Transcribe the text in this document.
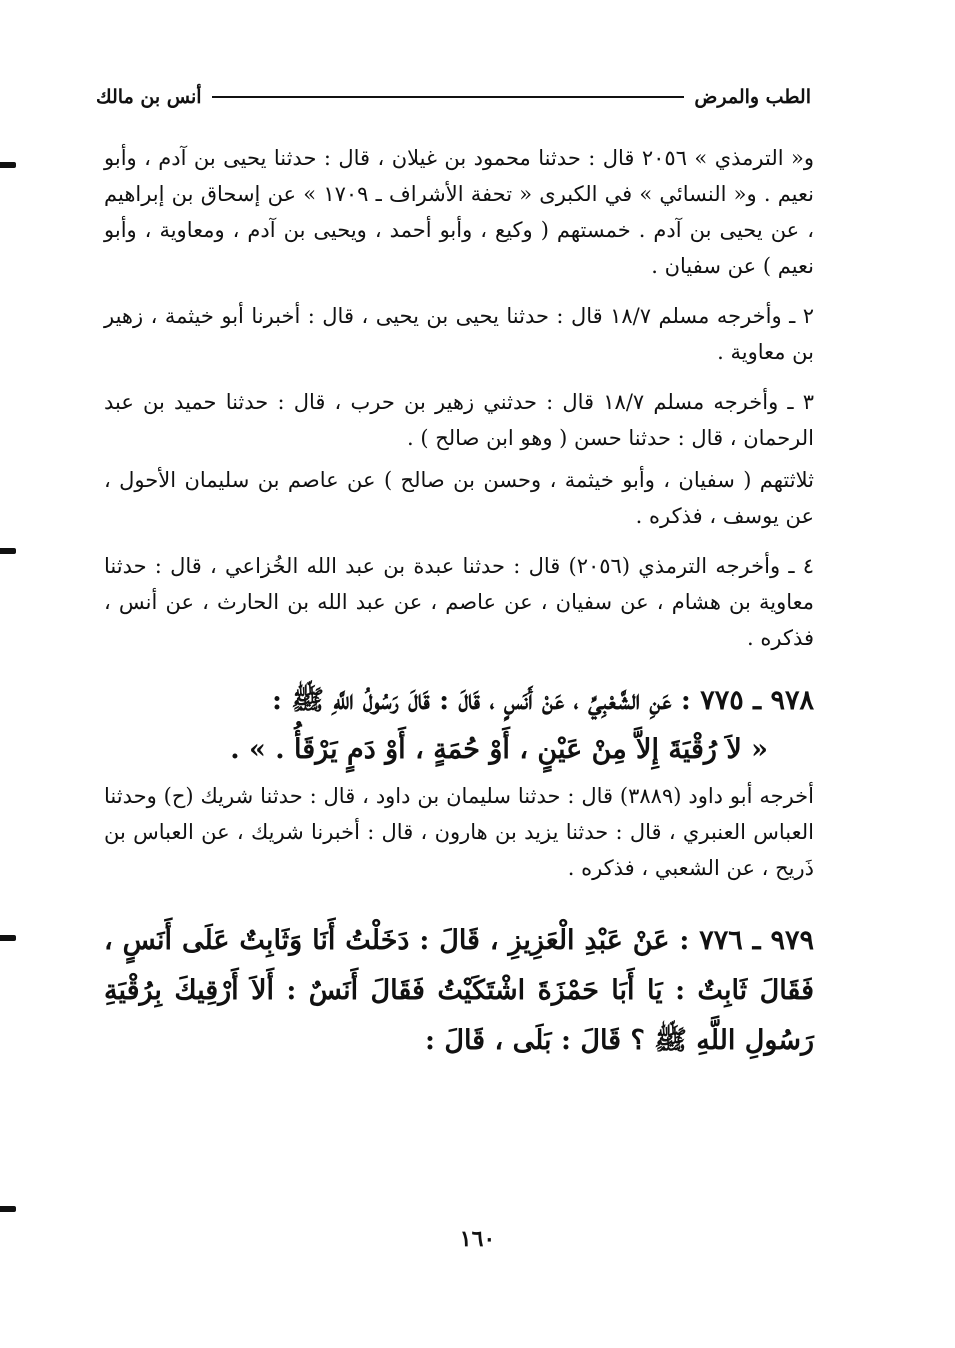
الطب والمرض
أنس بن مالك

و« الترمذي » ٢٠٥٦ قال : حدثنا محمود بن غيلان ، قال : حدثنا يحيى بن آدم ، وأبو نعيم . و« النسائي » في الكبرى « تحفة الأشراف ـ ١٧٠٩ » عن إسحاق بن إبراهيم ، عن يحيى بن آدم . خمستهم ( وكيع ، وأبو أحمد ، ويحيى بن آدم ، ومعاوية ، وأبو نعيم ) عن سفيان .

٢ ـ وأخرجه مسلم ١٨/٧ قال : حدثنا يحيى بن يحيى ، قال : أخبرنا أبو خيثمة ، زهير بن معاوية .

٣ ـ وأخرجه مسلم ١٨/٧ قال : حدثني زهير بن حرب ، قال : حدثنا حميد بن عبد الرحمان ، قال : حدثنا حسن ( وهو ابن صالح ) .

ثلاثتهم ( سفيان ، وأبو خيثمة ، وحسن بن صالح ) عن عاصم بن سليمان الأحول ، عن يوسف ، فذكره .

٤ ـ وأخرجه الترمذي (٢٠٥٦) قال : حدثنا عبدة بن عبد الله الخُزاعي ، قال : حدثنا معاوية بن هشام ، عن سفيان ، عن عاصم ، عن عبد الله بن الحارث ، عن أنس ، فذكره .

٩٧٨ ـ ٧٧٥ : عَنِ الشَّعْبِيِّ ، عَنْ أَنَسٍ ، قَالَ : قَالَ رَسُولُ اللَّهِ ﷺ :

« لاَ رُقْيَةَ إِلاَّ مِنْ عَيْنٍ ، أَوْ حُمَةٍ ، أَوْ دَمٍ يَرْقَأُ . » .

أخرجه أبو داود (٣٨٨٩) قال : حدثنا سليمان بن داود ، قال : حدثنا شريك (ح) وحدثنا العباس العنبري ، قال : حدثنا يزيد بن هارون ، قال : أخبرنا شريك ، عن العباس بن ذَريح ، عن الشعبي ، فذكره .

٩٧٩ ـ ٧٧٦ : عَنْ عَبْدِ الْعَزِيزِ ، قَالَ : دَخَلْتُ أَنَا وَثَابِتٌ عَلَى أَنَسٍ ، فَقَالَ ثَابِتٌ : يَا أَبَا حَمْزَةَ اشْتَكَيْتُ فَقَالَ أَنَسٌ : أَلاَ أَرْقِيكَ بِرُقْيَةِ رَسُولِ اللَّهِ ﷺ ؟ قَالَ : بَلَى ، قَالَ :

١٦٠
